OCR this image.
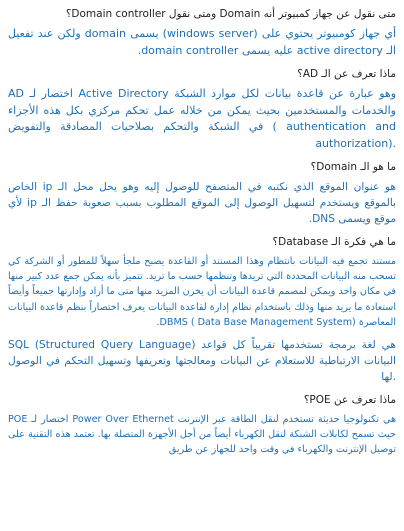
متى نقول عن جهاز كمبيوتر أنه Domain ومتى نقول Domain controller؟
أي جهاز كومبيوتر يحتوي على (windows server) يسمى domain ولكن عند تفعيل الـ active directory عليه يسمى domain controller.
ماذا تعرف عن الـ AD؟
AD اختصار لـ Active Directory وهو عبارة عن قاعدة بيانات لكل موارد الشبكة والخدمات والمستخدمين بحيث يمكن من خلاله عمل تحكم مركزي بكل هذه الأجزاء في الشبكة والتحكم بصلاحيات المصادقة والتفويض ( authentication and authorization).
ما هو الـ Domain؟
هو عنوان الموقع الذي نكتبه في المتصفح للوصول إليه وهو يحل محل الـ ip الخاص بالموقع ويستخدم لتسهيل الوصول إلى الموقع المطلوب بسبب صعوبة حفظ الـ ip لأي موقع ويسمى DNS.
ما هي فكرة الـ Database؟
مستند تجمع فيه البيانات بانتظام وهذا المستند أو القاعدة يصبح ملجأ سهلاً للمطور أو الشركة كي تسحب منه البيانات المحددة التي تريدها وتنظمها حسب ما تريد. تتميز بأنه يمكن جمع عدد كبير منها في مكان واحد ويمكن لمصمم قاعدة البيانات أن يخزن المزيد منها متى ما أراد وإدارتها جميعاً وأيضاً استعادة ما يريد منها وذلك باستخدام نظام إدارة لقاعدة البيانات يعرف اختصاراً بنظم قاعدة البيانات المعاصرة DBMS ( Data Base Management System).
SQL (Structured Query Language) هي لغة برمجة تستخدمها تقريباً كل قواعد البيانات الارتباطية للاستعلام عن البيانات ومعالجتها وتعريفها وتسهيل التحكم في الوصول لها.
ماذا تعرف عن POE؟
POE اختصار لـ Power Over Ethernet هي تكنولوجيا حديثة تستخدم لنقل الطاقة عبر الإنترنت حيث تسمح لكابلات الشبكة لنقل الكهرباء أيضاً من أجل الأجهزة المتصلة بها. تعتمد هذه التقنية على توصيل الإنترنت والكهرباء في وقت واحد للجهاز عن طريق
